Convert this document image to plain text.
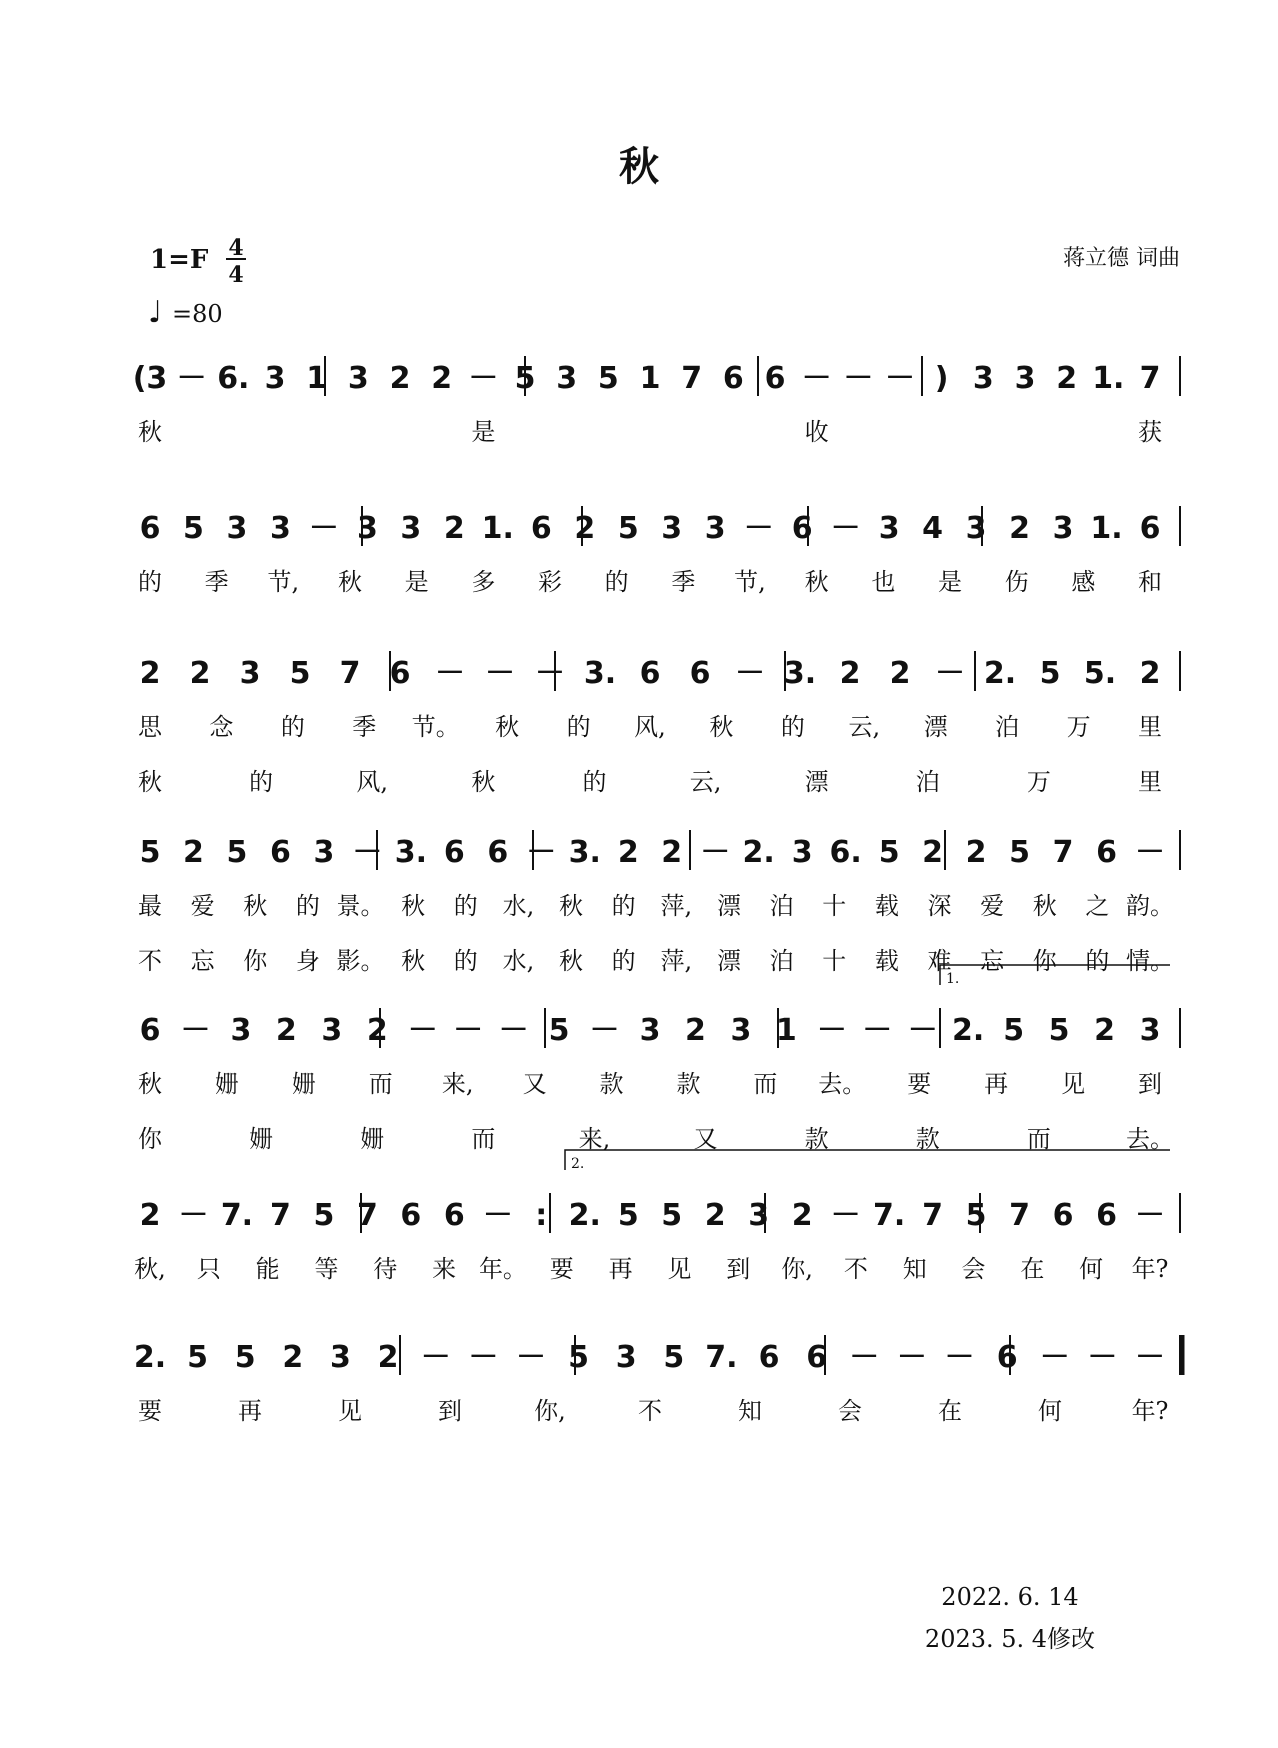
秋
1=F 4
4
蒋立德 词曲
♩ =80
(3 － 6. 3 1 3 2 2 － 5 3 5 1 7 6 6 － － － ) 3 3 2 1. 7
秋	是	收	获
6 5 3 3 － 3 3 2 1. 6 2 5 3 3 － 6 － 3 4 3 2 3 1. 6
的 季 节, 秋 是 多 彩 的 季 节, 秋 也 是 伤 感 和
2 2 3 5 7 6 － － － 3. 6 6 － 3. 2 2 － 2. 5 5. 2
思 念 的 季 节。 秋 的 风, 秋 的 云, 漂 泊 万 里
秋	的	风,	秋	的	云,	漂	泊	万	里
5 2 5 6 3 － 3. 6 6 － 3. 2 2 － 2. 3 6. 5 2 2 5 7 6 －
最 爱 秋 的 景。 秋 的 水, 秋 的 萍, 漂 泊 十 载 深 爱 秋 之 韵。
不 忘 你 身 影。 秋 的 水, 秋 的 萍, 漂 泊 十 载 难 忘 你 的 情。
6 － 3 2 3 2 － － － 5 － 3 2 3 1 － － － 2. 5 5 2 3
秋 姗 姗 而 来, 又 款 款 而 去。 要 再 见 到
你	姗	姗	而	来,	又	款	款	而	去。
1.
2 － 7. 7 5 7 6 6 － : 2. 5 5 2 3 2 － 7. 7 5 7 6 6 －
秋, 只 能 等 待 来 年。 要 再 见 到 你, 不 知 会 在 何 年?
2.
2. 5 5 2 3 2 － － － 5 3 5 7. 6 6 － － － 6 － － －
要	再	见	到	你,	不	知	会	在	何	年?
2022. 6. 14
2023. 5. 4修改
